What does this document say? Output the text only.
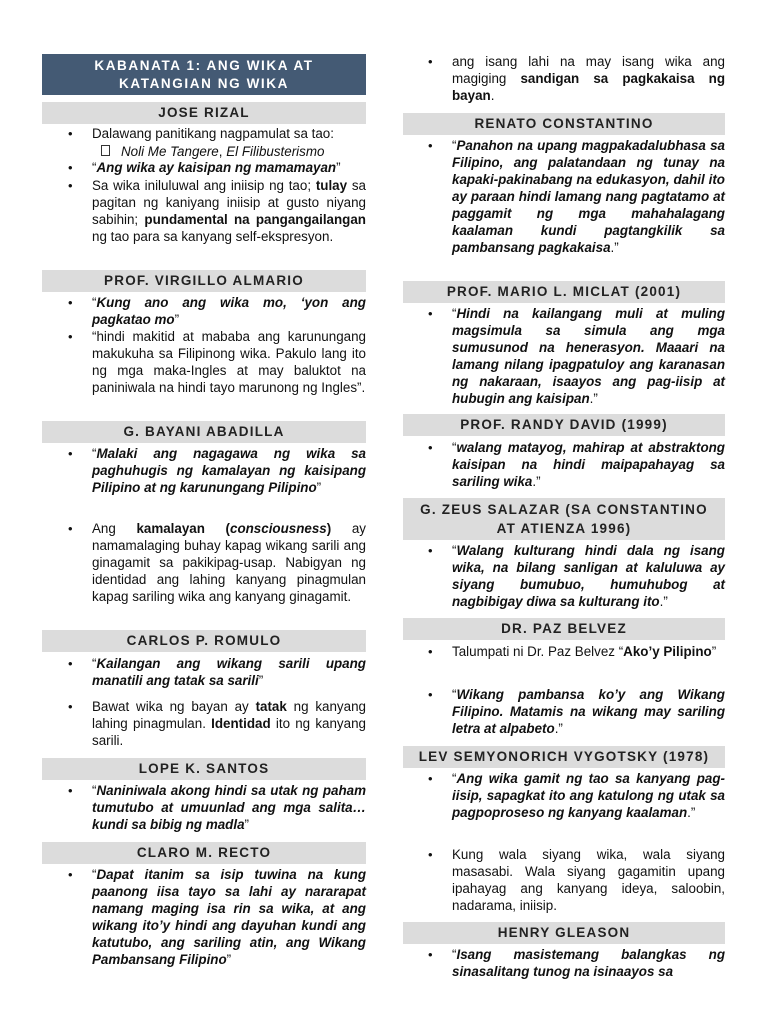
KABANATA 1: ANG WIKA AT
KATANGIAN NG WIKA
JOSE RIZAL
• Dalawang panitikang nagpamulat sa tao:
Noli Me Tangere, El Filibusterismo
• “Ang wika ay kaisipan ng mamamayan”
• Sa wika iniluluwal ang iniisip ng tao; tulay sa pagitan ng kaniyang iniisip at gusto niyang sabihin; pundamental na pangangailangan ng tao para sa kanyang self-ekspresyon.
PROF. VIRGILLO ALMARIO
• “Kung ano ang wika mo, ‘yon ang pagkatao mo”
• “hindi makitid at mababa ang karunungang makukuha sa Filipinong wika. Pakulo lang ito ng mga maka-Ingles at may baluktot na paniniwala na hindi tayo marunong ng Ingles”.
G. BAYANI ABADILLA
• “Malaki ang nagagawa ng wika sa paghuhugis ng kamalayan ng kaisipang Pilipino at ng karunungang Pilipino”
• Ang kamalayan (consciousness) ay namamalaging buhay kapag wikang sarili ang ginagamit sa pakikipag-usap. Nabigyan ng identidad ang lahing kanyang pinagmulan kapag sariling wika ang kanyang ginagamit.
CARLOS P. ROMULO
• “Kailangan ang wikang sarili upang manatili ang tatak sa sarili”
• Bawat wika ng bayan ay tatak ng kanyang lahing pinagmulan. Identidad ito ng kanyang sarili.
LOPE K. SANTOS
• “Naniniwala akong hindi sa utak ng paham tumutubo at umuunlad ang mga salita… kundi sa bibig ng madla”
CLARO M. RECTO
• “Dapat itanim sa isip tuwina na kung paanong iisa tayo sa lahi ay nararapat namang maging isa rin sa wika, at ang wikang ito’y hindi ang dayuhan kundi ang katutubo, ang sariling atin, ang Wikang Pambansang Filipino”
• ang isang lahi na may isang wika ang magiging sandigan sa pagkakaisa ng bayan.
RENATO CONSTANTINO
• “Panahon na upang magpakadalubhasa sa Filipino, ang palatandaan ng tunay na kapaki-pakinabang na edukasyon, dahil ito ay paraan hindi lamang nang pagtatamo at paggamit ng mga mahahalagang kaalaman kundi pagtangkilik sa pambansang pagkakaisa.”
PROF. MARIO L. MICLAT (2001)
• “Hindi na kailangang muli at muling magsimula sa simula ang mga sumusunod na henerasyon. Maaari na lamang nilang ipagpatuloy ang karanasan ng nakaraan, isaayos ang pag-iisip at hubugin ang kaisipan.”
PROF. RANDY DAVID (1999)
• “walang matayog, mahirap at abstraktong kaisipan na hindi maipapahayag sa sariling wika.”
G. ZEUS SALAZAR (SA CONSTANTINO
AT ATIENZA 1996)
• “Walang kulturang hindi dala ng isang wika, na bilang sanligan at kaluluwa ay siyang bumubuo, humuhubog at nagbibigay diwa sa kulturang ito.”
DR. PAZ BELVEZ
• Talumpati ni Dr. Paz Belvez “Ako’y Pilipino”
• “Wikang pambansa ko’y ang Wikang Filipino. Matamis na wikang may sariling letra at alpabeto.”
LEV SEMYONORICH VYGOTSKY (1978)
• “Ang wika gamit ng tao sa kanyang pag-iisip, sapagkat ito ang katulong ng utak sa pagpoproseso ng kanyang kaalaman.”
• Kung wala siyang wika, wala siyang masasabi. Wala siyang gagamitin upang ipahayag ang kanyang ideya, saloobin, nadarama, iniisip.
HENRY GLEASON
• “Isang masistemang balangkas ng sinasalitang tunog na isinaayos sa
